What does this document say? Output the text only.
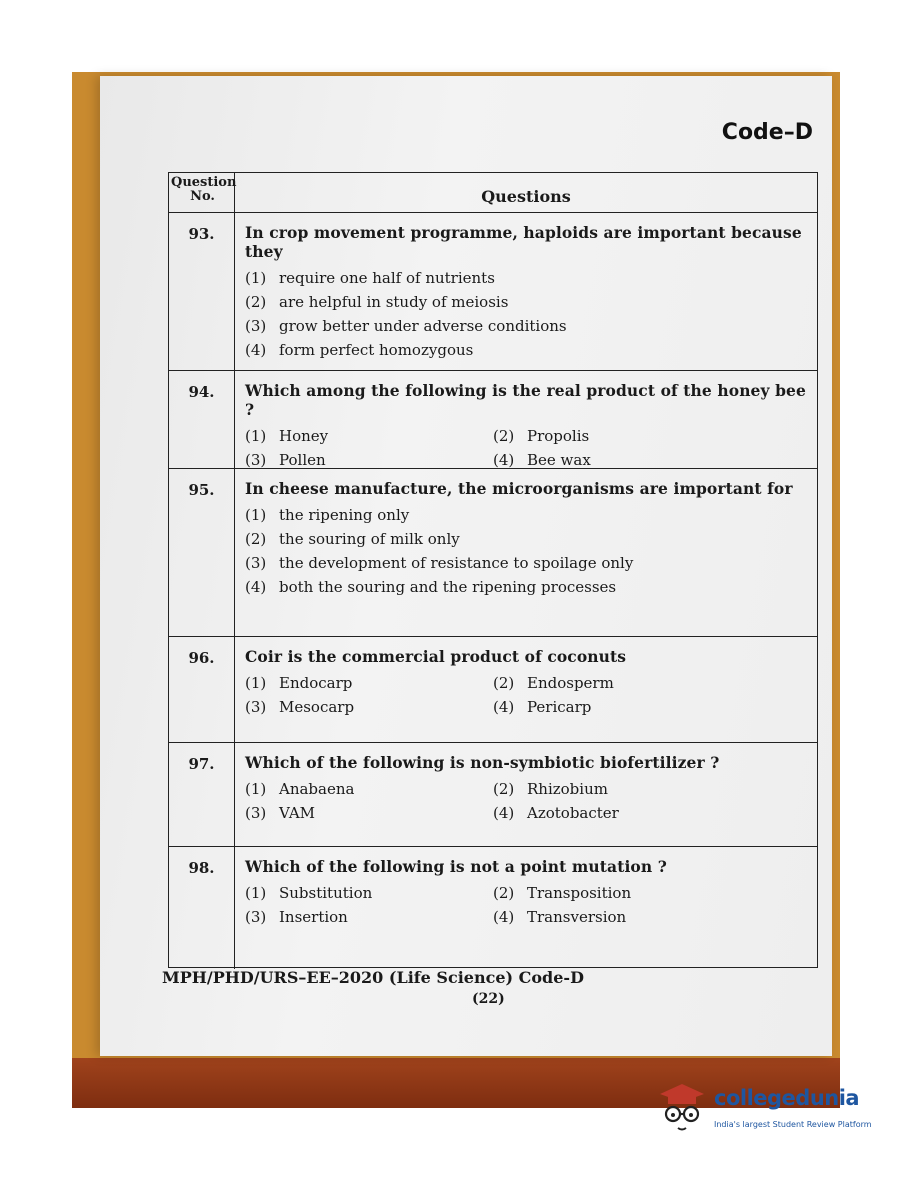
Code–D
Question No.	Questions
93.	In crop movement programme, haploids are important because they
(1) require one half of nutrients
(2) are helpful in study of meiosis
(3) grow better under adverse conditions
(4) form perfect homozygous
94.	Which among the following is the real product of the honey bee ?
(1) Honey	(2) Propolis
(3) Pollen	(4) Bee wax
95.	In cheese manufacture, the microorganisms are important for
(1) the ripening only
(2) the souring of milk only
(3) the development of resistance to spoilage only
(4) both the souring and the ripening processes
96.	Coir is the commercial product of coconuts
(1) Endocarp	(2) Endosperm
(3) Mesocarp	(4) Pericarp
97.	Which of the following is non-symbiotic biofertilizer ?
(1) Anabaena	(2) Rhizobium
(3) VAM	(4) Azotobacter
98.	Which of the following is not a point mutation ?
(1) Substitution	(2) Transposition
(3) Insertion	(4) Transversion
MPH/PHD/URS–EE–2020 (Life Science) Code-D
(22)
collegedunia
India's largest Student Review Platform
